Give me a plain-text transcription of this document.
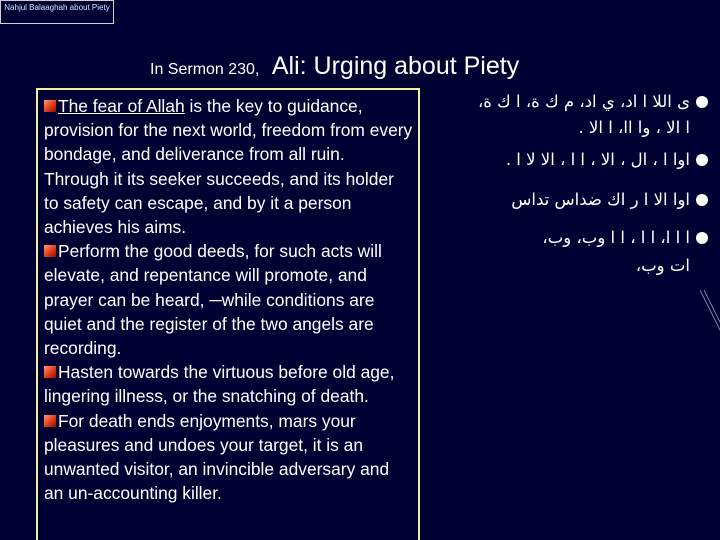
Nahjul Balaaghah about Piety
In Sermon 230, Ali: Urging about Piety

The fear of Allah is the key to guidance, provision for the next world, freedom from every bondage, and deliverance from all ruin. Through it its seeker succeeds, and its holder to safety can escape, and by it a person achieves his aims.

Perform the good deeds, for such acts will elevate, and repentance will promote, and prayer can be heard, ─while conditions are quiet and the register of the two angels are recording.

Hasten towards the virtuous before old age, lingering illness, or the snatching of death.

For death ends enjoyments, mars your pleasures and undoes your target, it is an unwanted visitor, an invincible adversary and an un-accounting killer.

ى اللا ا اد، ي اد، م ك ة، ا ك ة،
ا الا ، وا اا، ا الا .
اوا ا ، ال ، الا ، ا ا ، الا لا ا .
اوا الا ا ر اك ضداس تداس
ا ا ا، ا ا ، ا ا وب، وب،
ات وب،
